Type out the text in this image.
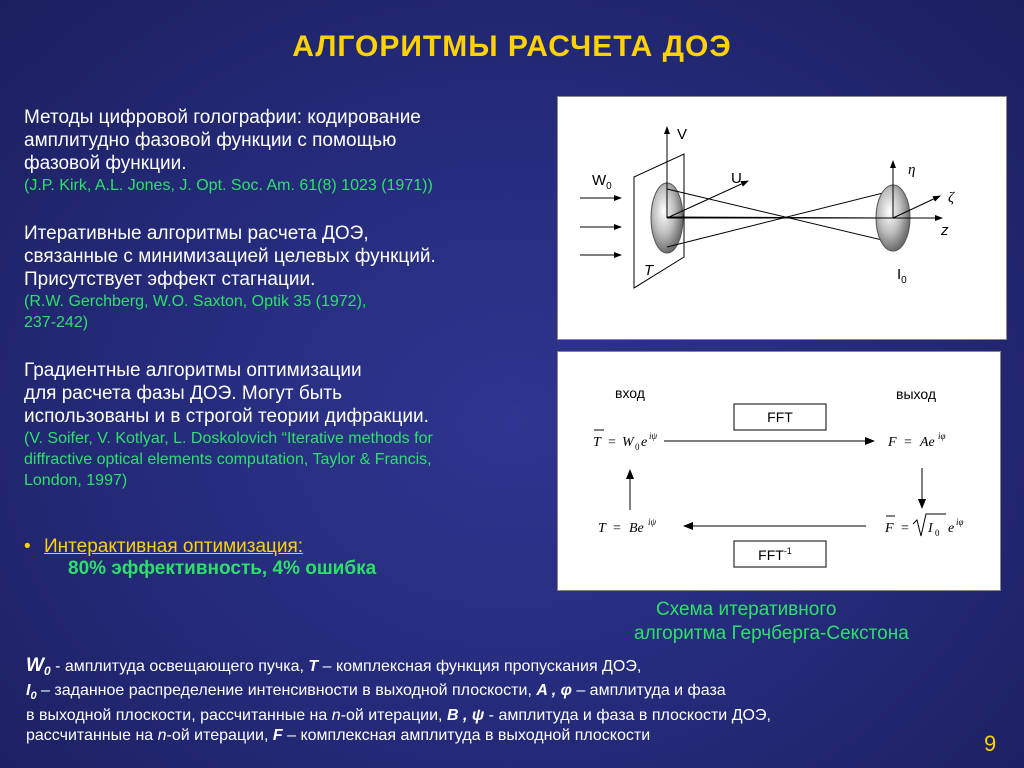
АЛГОРИТМЫ РАСЧЕТА ДОЭ
Методы цифровой голографии: кодирование
амплитудно фазовой функции с помощью
фазовой функции.
(J.P. Kirk, A.L. Jones, J. Opt. Soc. Am. 61(8) 1023 (1971))
Итеративные алгоритмы расчета ДОЭ,
связанные с минимизацией целевых функций.
Присутствует эффект стагнации.
(R.W. Gerchberg, W.O. Saxton, Optik 35 (1972),
237-242)
Градиентные алгоритмы оптимизации
для расчета фазы ДОЭ. Могут быть
использованы и в строгой теории дифракции.
(V. Soifer, V. Kotlyar, L. Doskolovich “Iterative methods for
diffractive optical elements computation, Taylor & Francis,
London, 1997)
• Интерактивная оптимизация:
80% эффективность, 4% ошибка
V
U
$W_0$
T
η
ζ
z
$I_0$
вход	выход
FFT
T = W 0 e iψ	F = Ae iφ
T = Be iψ	F = I 0 e iφ
$FFT^{-1}$
Схема итеративного
алгоритма Герчберга-Секстона
$W_0$ - амплитуда освещающего пучка, T – комплексная функция пропускания ДОЭ,
$I_0$ – заданное распределение интенсивности в выходной плоскости, A , φ – амплитуда и фаза
в выходной плоскости, рассчитанные на n-ой итерации, B , ψ - амплитуда и фаза в плоскости ДОЭ,
рассчитанные на n-ой итерации, F – комплексная амплитуда в выходной плоскости	9
